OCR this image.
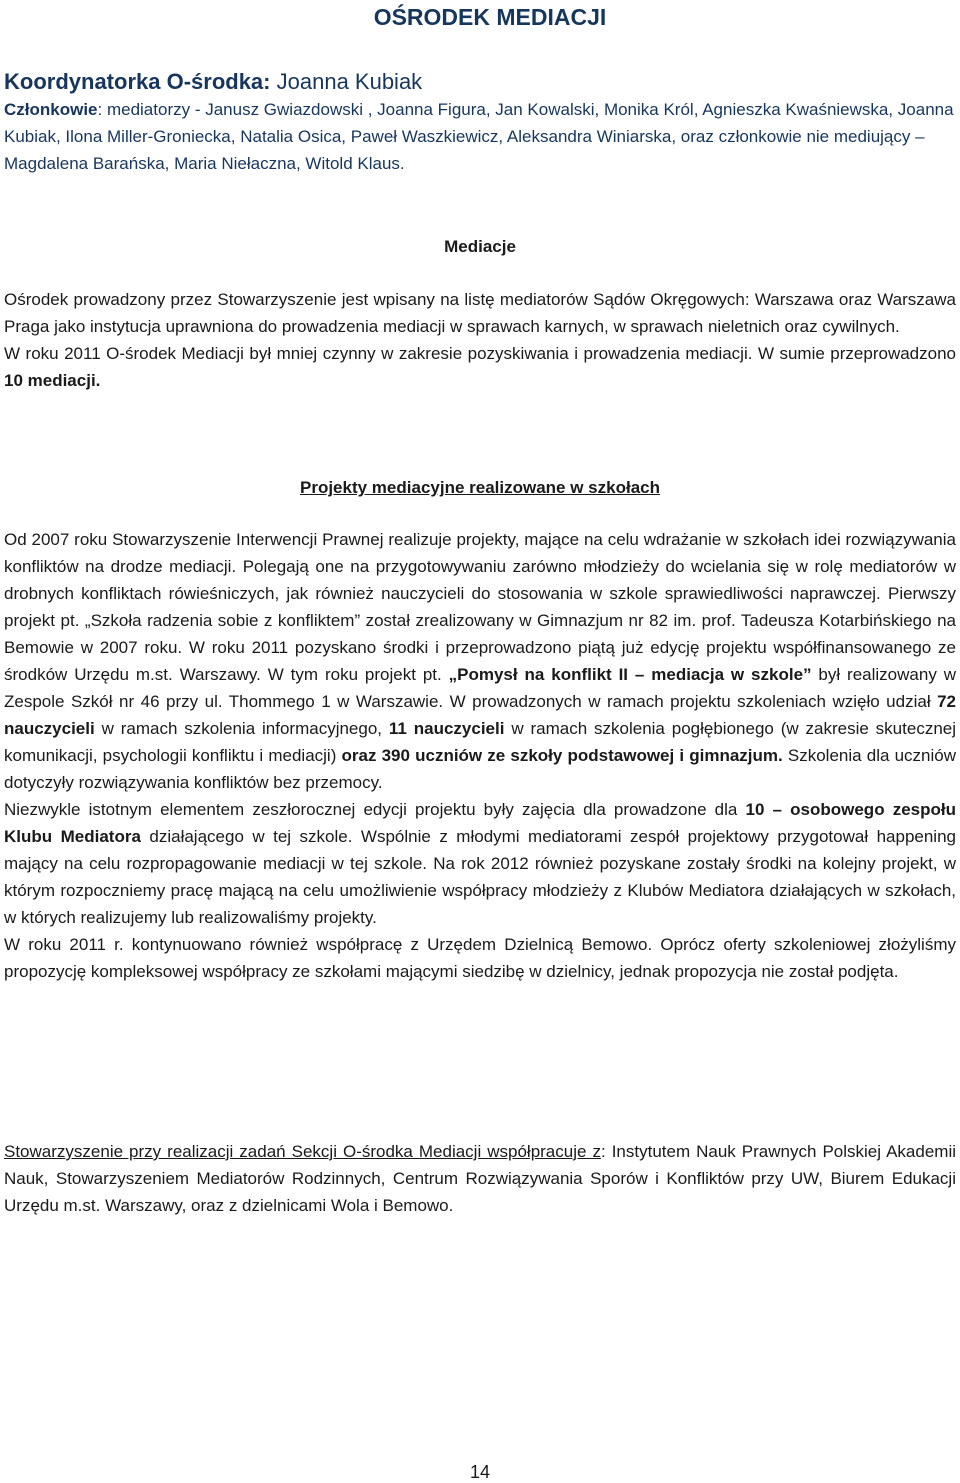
OŚRODEK MEDIACJI
Koordynatorka O-środka: Joanna Kubiak
Członkowie: mediatorzy - Janusz Gwiazdowski , Joanna Figura, Jan Kowalski, Monika Król, Agnieszka Kwaśniewska, Joanna Kubiak, Ilona Miller-Groniecka, Natalia Osica, Paweł Waszkiewicz, Aleksandra Winiarska, oraz członkowie nie mediujący – Magdalena Barańska, Maria Niełaczna, Witold Klaus.
Mediacje

Ośrodek prowadzony przez Stowarzyszenie jest wpisany na listę mediatorów Sądów Okręgowych: Warszawa oraz Warszawa Praga jako instytucja uprawniona do prowadzenia mediacji w sprawach karnych, w sprawach nieletnich oraz cywilnych.

W roku 2011 O-środek Mediacji był mniej czynny w zakresie pozyskiwania i prowadzenia mediacji. W sumie przeprowadzono 10 mediacji.

Projekty mediacyjne realizowane w szkołach

Od 2007 roku Stowarzyszenie Interwencji Prawnej realizuje projekty, mające na celu wdrażanie w szkołach idei rozwiązywania konfliktów na drodze mediacji. Polegają one na przygotowywaniu zarówno młodzieży do wcielania się w rolę mediatorów w drobnych konfliktach rówieśniczych, jak również nauczycieli do stosowania w szkole sprawiedliwości naprawczej. Pierwszy projekt pt. „Szkoła radzenia sobie z konfliktem” został zrealizowany w Gimnazjum nr 82 im. prof. Tadeusza Kotarbińskiego na Bemowie w 2007 roku. W roku 2011 pozyskano środki i przeprowadzono piątą już edycję projektu współfinansowanego ze środków Urzędu m.st. Warszawy. W tym roku projekt pt. „Pomysł na konflikt II – mediacja w szkole” był realizowany w Zespole Szkół nr 46 przy ul. Thommego 1 w Warszawie. W prowadzonych w ramach projektu szkoleniach wzięło udział 72 nauczycieli w ramach szkolenia informacyjnego, 11 nauczycieli w ramach szkolenia pogłębionego (w zakresie skutecznej komunikacji, psychologii konfliktu i mediacji) oraz 390 uczniów ze szkoły podstawowej i gimnazjum. Szkolenia dla uczniów dotyczyły rozwiązywania konfliktów bez przemocy.

Niezwykle istotnym elementem zeszłorocznej edycji projektu były zajęcia dla prowadzone dla 10 – osobowego zespołu Klubu Mediatora działającego w tej szkole. Wspólnie z młodymi mediatorami zespół projektowy przygotował happening mający na celu rozpropagowanie mediacji w tej szkole. Na rok 2012 również pozyskane zostały środki na kolejny projekt, w którym rozpoczniemy pracę mającą na celu umożliwienie współpracy młodzieży z Klubów Mediatora działających w szkołach, w których realizujemy lub realizowaliśmy projekty.

W roku 2011 r. kontynuowano również współpracę z Urzędem Dzielnicą Bemowo. Oprócz oferty szkoleniowej złożyliśmy propozycję kompleksowej współpracy ze szkołami mającymi siedzibę w dzielnicy, jednak propozycja nie został podjęta.

Stowarzyszenie przy realizacji zadań Sekcji O-środka Mediacji współpracuje z: Instytutem Nauk Prawnych Polskiej Akademii Nauk, Stowarzyszeniem Mediatorów Rodzinnych, Centrum Rozwiązywania Sporów i Konfliktów przy UW, Biurem Edukacji Urzędu m.st. Warszawy, oraz z dzielnicami Wola i Bemowo.

14
